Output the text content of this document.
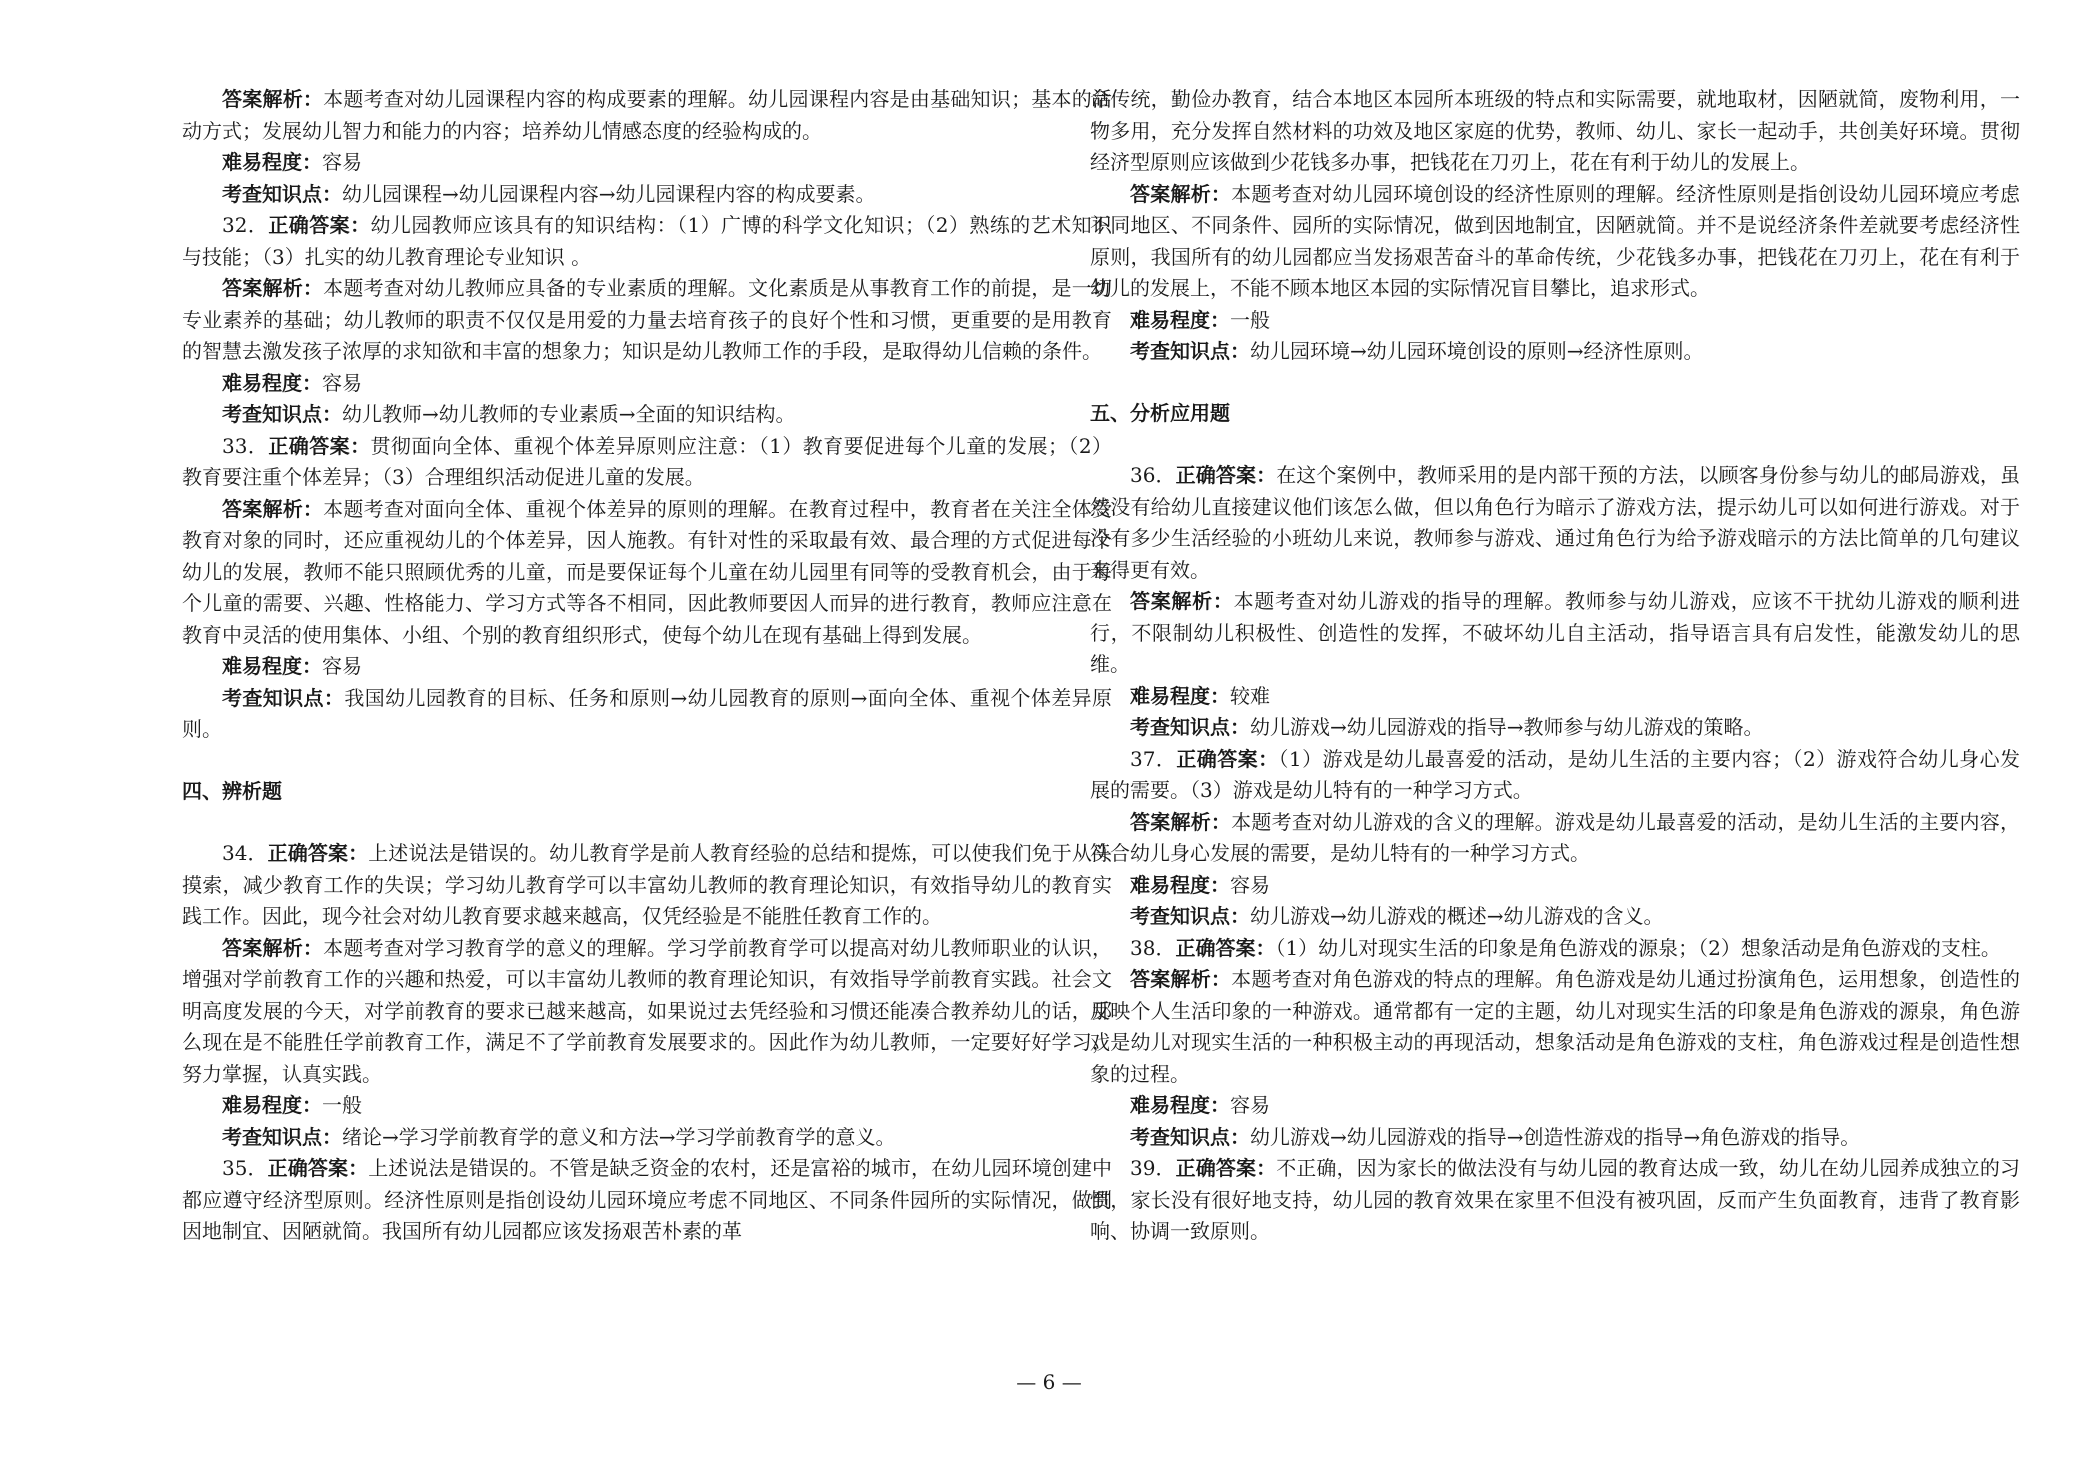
答案解析：本题考查对幼儿园课程内容的构成要素的理解。幼儿园课程内容是由基础知识；基本的活动方式；发展幼儿智力和能力的内容；培养幼儿情感态度的经验构成的。

难易程度：容易

考查知识点：幼儿园课程→幼儿园课程内容→幼儿园课程内容的构成要素。

32．正确答案：幼儿园教师应该具有的知识结构：（1）广博的科学文化知识；（2）熟练的艺术知识与技能；（3）扎实的幼儿教育理论专业知识 。

答案解析：本题考查对幼儿教师应具备的专业素质的理解。文化素质是从事教育工作的前提，是一切专业素养的基础；幼儿教师的职责不仅仅是用爱的力量去培育孩子的良好个性和习惯，更重要的是用教育的智慧去激发孩子浓厚的求知欲和丰富的想象力；知识是幼儿教师工作的手段，是取得幼儿信赖的条件。

难易程度：容易

考查知识点：幼儿教师→幼儿教师的专业素质→全面的知识结构。

33．正确答案：贯彻面向全体、重视个体差异原则应注意：（1）教育要促进每个儿童的发展；（2）教育要注重个体差异；（3）合理组织活动促进儿童的发展。

答案解析：本题考查对面向全体、重视个体差异的原则的理解。在教育过程中，教育者在关注全体受教育对象的同时，还应重视幼儿的个体差异，因人施教。有针对性的采取最有效、最合理的方式促进每个幼儿的发展，教师不能只照顾优秀的儿童，而是要保证每个儿童在幼儿园里有同等的受教育机会，由于每个儿童的需要、兴趣、性格能力、学习方式等各不相同，因此教师要因人而异的进行教育，教师应注意在教育中灵活的使用集体、小组、个别的教育组织形式，使每个幼儿在现有基础上得到发展。

难易程度：容易

考查知识点：我国幼儿园教育的目标、任务和原则→幼儿园教育的原则→面向全体、重视个体差异原则。

四、辨析题

34．正确答案：上述说法是错误的。幼儿教育学是前人教育经验的总结和提炼，可以使我们免于从头摸索，减少教育工作的失误；学习幼儿教育学可以丰富幼儿教师的教育理论知识，有效指导幼儿的教育实践工作。因此，现今社会对幼儿教育要求越来越高，仅凭经验是不能胜任教育工作的。

答案解析：本题考查对学习教育学的意义的理解。学习学前教育学可以提高对幼儿教师职业的认识，增强对学前教育工作的兴趣和热爱，可以丰富幼儿教师的教育理论知识，有效指导学前教育实践。社会文明高度发展的今天，对学前教育的要求已越来越高，如果说过去凭经验和习惯还能凑合教养幼儿的话，那么现在是不能胜任学前教育工作，满足不了学前教育发展要求的。因此作为幼儿教师，一定要好好学习，努力掌握，认真实践。

难易程度：一般

考查知识点：绪论→学习学前教育学的意义和方法→学习学前教育学的意义。

35．正确答案：上述说法是错误的。不管是缺乏资金的农村，还是富裕的城市，在幼儿园环境创建中都应遵守经济型原则。经济性原则是指创设幼儿园环境应考虑不同地区、不同条件园所的实际情况，做到因地制宜、因陋就简。我国所有幼儿园都应该发扬艰苦朴素的革

命传统，勤俭办教育，结合本地区本园所本班级的特点和实际需要，就地取材，因陋就简，废物利用，一物多用，充分发挥自然材料的功效及地区家庭的优势，教师、幼儿、家长一起动手，共创美好环境。贯彻经济型原则应该做到少花钱多办事，把钱花在刀刃上，花在有利于幼儿的发展上。

答案解析：本题考查对幼儿园环境创设的经济性原则的理解。经济性原则是指创设幼儿园环境应考虑不同地区、不同条件、园所的实际情况，做到因地制宜，因陋就简。并不是说经济条件差就要考虑经济性原则，我国所有的幼儿园都应当发扬艰苦奋斗的革命传统，少花钱多办事，把钱花在刀刃上，花在有利于幼儿的发展上，不能不顾本地区本园的实际情况盲目攀比，追求形式。

难易程度：一般

考查知识点：幼儿园环境→幼儿园环境创设的原则→经济性原则。

五、分析应用题

36．正确答案：在这个案例中，教师采用的是内部干预的方法，以顾客身份参与幼儿的邮局游戏，虽然没有给幼儿直接建议他们该怎么做，但以角色行为暗示了游戏方法，提示幼儿可以如何进行游戏。对于没有多少生活经验的小班幼儿来说，教师参与游戏、通过角色行为给予游戏暗示的方法比简单的几句建议来得更有效。

答案解析：本题考查对幼儿游戏的指导的理解。教师参与幼儿游戏，应该不干扰幼儿游戏的顺利进行，不限制幼儿积极性、创造性的发挥，不破坏幼儿自主活动，指导语言具有启发性，能激发幼儿的思维。

难易程度：较难

考查知识点：幼儿游戏→幼儿园游戏的指导→教师参与幼儿游戏的策略。

37．正确答案：（1）游戏是幼儿最喜爱的活动，是幼儿生活的主要内容；（2）游戏符合幼儿身心发展的需要。（3）游戏是幼儿特有的一种学习方式。

答案解析：本题考查对幼儿游戏的含义的理解。游戏是幼儿最喜爱的活动，是幼儿生活的主要内容，符合幼儿身心发展的需要，是幼儿特有的一种学习方式。

难易程度：容易

考查知识点：幼儿游戏→幼儿游戏的概述→幼儿游戏的含义。

38．正确答案：（1）幼儿对现实生活的印象是角色游戏的源泉；（2）想象活动是角色游戏的支柱。

答案解析：本题考查对角色游戏的特点的理解。角色游戏是幼儿通过扮演角色，运用想象，创造性的反映个人生活印象的一种游戏。通常都有一定的主题，幼儿对现实生活的印象是角色游戏的源泉，角色游戏是幼儿对现实生活的一种积极主动的再现活动，想象活动是角色游戏的支柱，角色游戏过程是创造性想象的过程。

难易程度：容易

考查知识点：幼儿游戏→幼儿园游戏的指导→创造性游戏的指导→角色游戏的指导。

39．正确答案：不正确，因为家长的做法没有与幼儿园的教育达成一致，幼儿在幼儿园养成独立的习惯，家长没有很好地支持，幼儿园的教育效果在家里不但没有被巩固，反而产生负面教育，违背了教育影响、协调一致原则。

— 6 —
